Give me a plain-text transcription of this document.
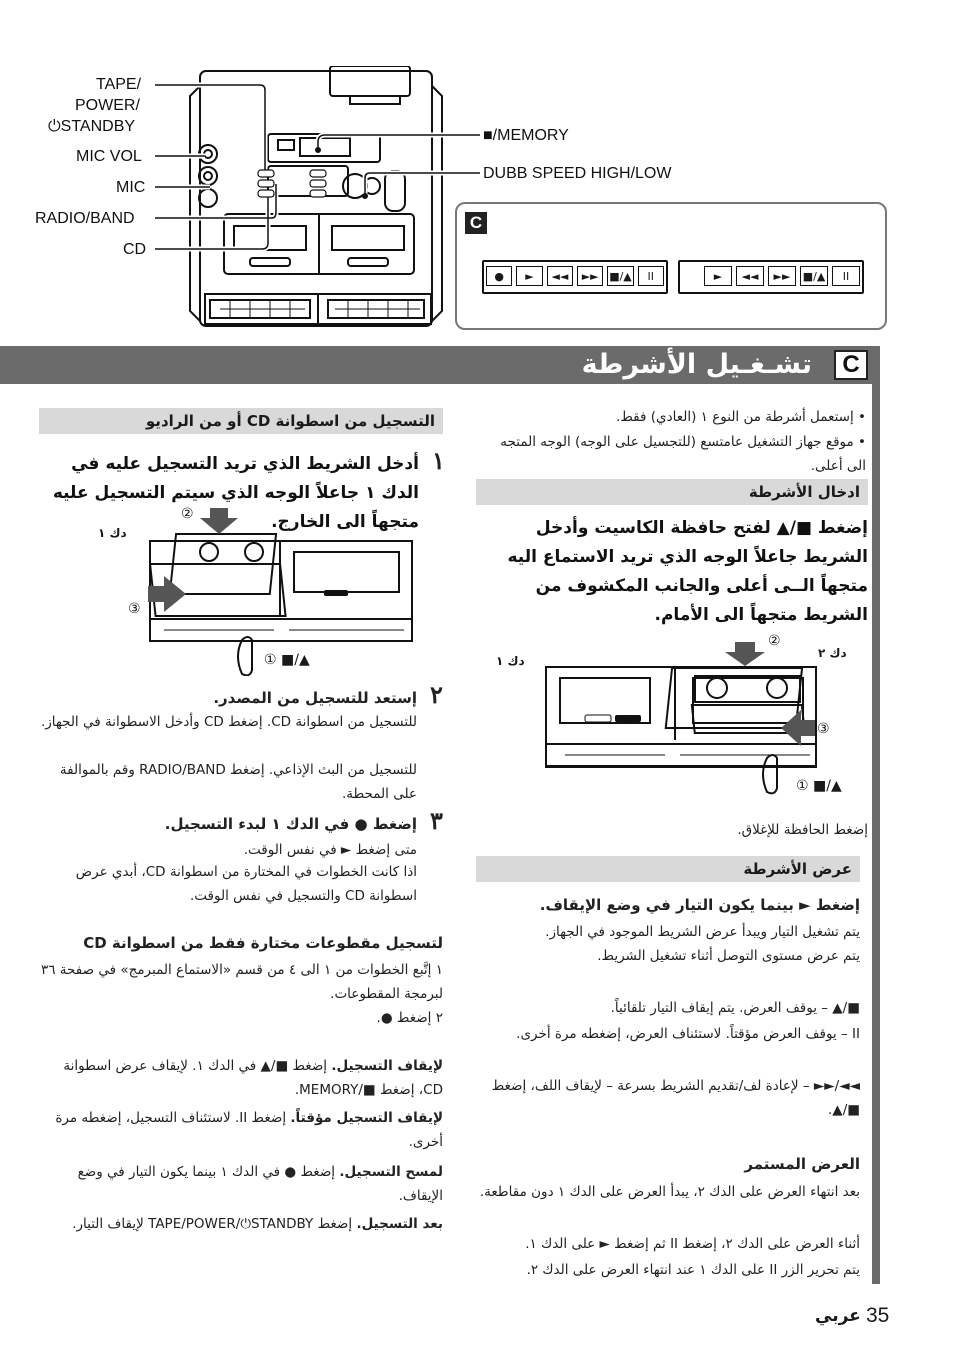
TAPE/
POWER/
⏻STANDBY
MIC VOL
MIC
RADIO/BAND
CD
■/MEMORY
DUBB SPEED HIGH/LOW
C
●	►	◄◄	►► ■/▲	II	►	◄◄	►►	■/▲	II
تشـغـيل الأشرطة	C
• إستعمل أشرطة من النوع ١ (العادي) فقط.
• موقع جهاز التشغيل عامتسع (للتجسيل على الوجه) الوجه المتجه الى أعلى.
ادخال الأشرطة
إضغط ■/▲ لفتح حافظة الكاسيت وأدخل الشريط جاعلاً الوجه الذي تريد الاستماع اليه متجهاً الــى أعلى والجانب المكشوف من الشريط متجهاً الى الأمام.
دك ١
دك ٢
②
③
① ■/▲
إضغط الحافظة للإغلاق.
عرض الأشرطة
إضغط ► بينما يكون التيار في وضع الإيقاف.
يتم تشغيل التيار ويبدأ عرض الشريط الموجود في الجهاز.
يتم عرض مستوى التوصل أثناء تشغيل الشريط.
■/▲ – يوقف العرض. يتم إيقاف التيار تلقائياً.
II – يوقف العرض مؤقتاً. لاستئناف العرض، إضغطه مرة أخرى.
◄◄/►► – لإعادة لف/تقديم الشريط بسرعة – لإيقاف اللف، إضغط ■/▲.
العرض المستمر
بعد انتهاء العرض على الدك ٢، يبدأ العرض على الدك ١ دون مقاطعة.
أثناء العرض على الدك ٢، إضغط II ثم إضغط ► على الدك ١.
يتم تحرير الزر II على الدك ١ عند انتهاء العرض على الدك ٢.
التسجيل من اسطوانة CD أو من الراديو
١
أدخل الشريط الذي تريد التسجيل عليه في الدك ١ جاعلاً الوجه الذي سيتم التسجيل عليه متجهاً الى الخارج.
دك ١
②
③
① ■/▲
٢
إستعد للتسجيل من المصدر.
للتسجيل من اسطوانة CD. إضغط CD وأدخل الاسطوانة في الجهاز.
للتسجيل من البث الإذاعي. إضغط RADIO/BAND وقم بالموالفة على المحطة.
٣
إضغط ● في الدك ١ لبدء التسجيل.
متى إضغط ► في نفس الوقت.
اذا كانت الخطوات في المختارة من اسطوانة CD، أبدي عرض اسطوانة CD والتسجيل في نفس الوقت.
لتسجيل مقطوعات مختارة فقط من اسطوانة CD
١ إتَّبع الخطوات من ١ الى ٤ من قسم «الاستماع المبرمج» في صفحة ٣٦ لبرمجة المقطوعات.
٢ إضغط ●.
لإيقاف التسجيل. إضغط ■/▲ في الدك ١. لإيقاف عرض اسطوانة CD، إضغط ■/MEMORY.
لإيقاف التسجيل مؤقتاً. إضغط II. لاستئناف التسجيل، إضغطه مرة أخرى.
لمسح التسجيل. إضغط ● في الدك ١ بينما يكون التيار في وضع الإيقاف.
بعد التسجيل. إضغط TAPE/POWER/⏻STANDBY لإيقاف التيار.
عربي 35
